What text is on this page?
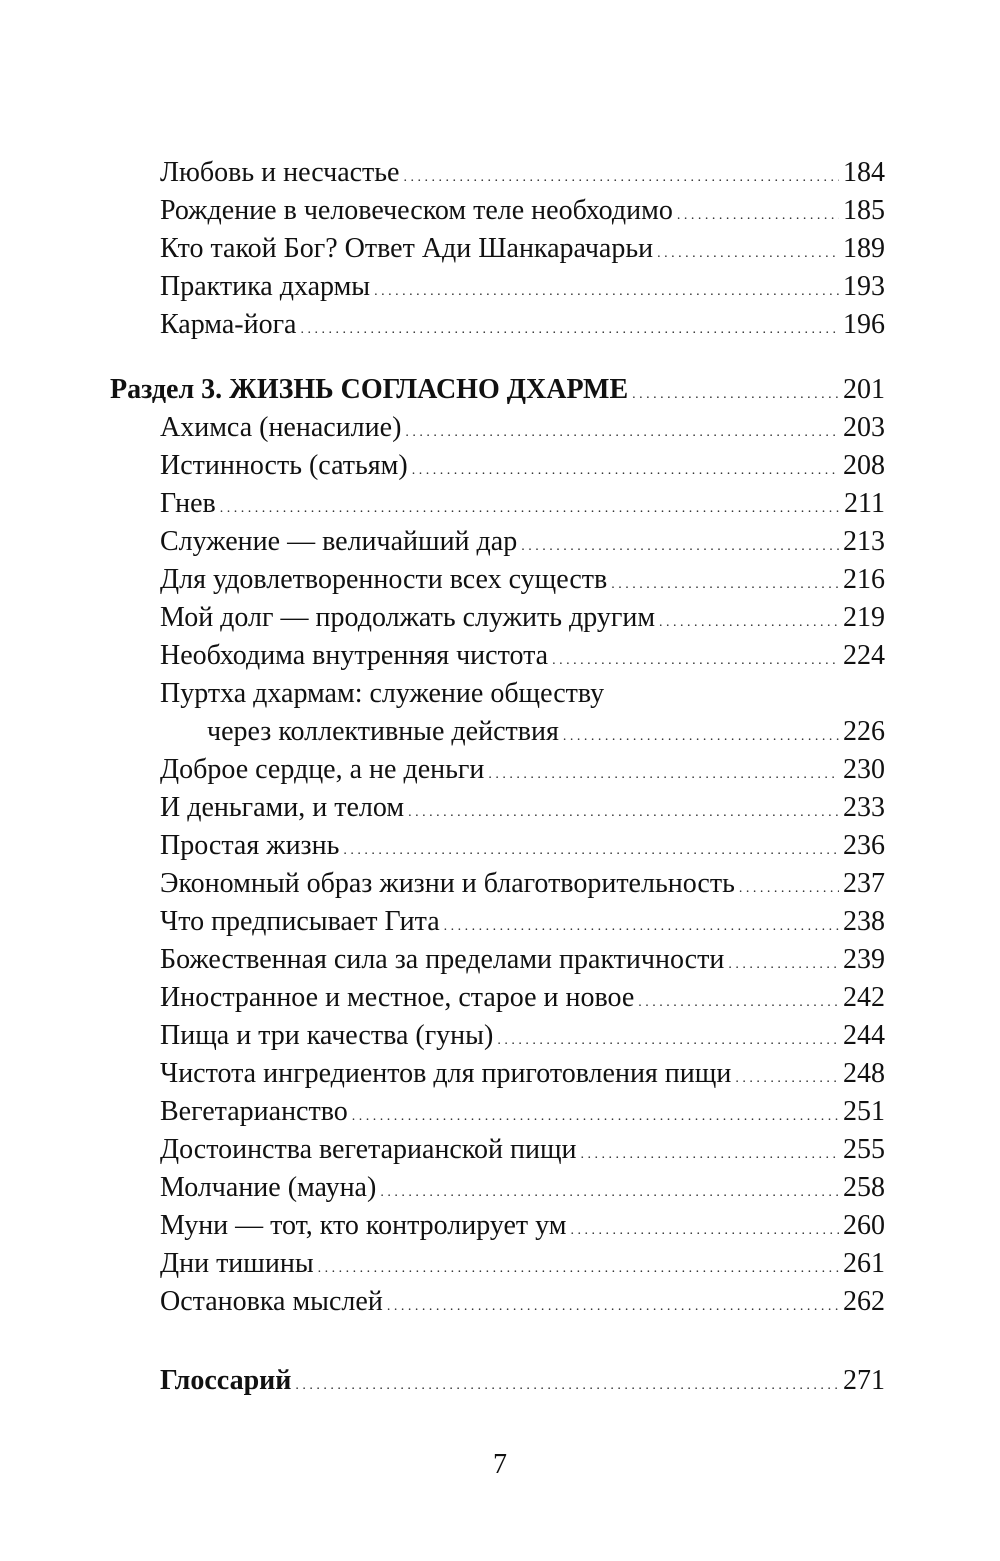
Любовь и несчастье . . .	184
Рождение в человеческом теле необходимо . . .	185
Кто такой Бог? Ответ Ади Шанкарачарьи . . .	189
Практика дхармы . . .	193
Карма-йога . . .	196
Раздел 3. ЖИЗНЬ СОГЛАСНО ДХАРМЕ . . .	201
Ахимса (ненасилие) . . .	203
Истинность (сатьям) . . .	208
Гнев . . .	211
Служение — величайший дар . . .	213
Для удовлетворенности всех существ . . .	216
Мой долг — продолжать служить другим . . .	219
Необходима внутренняя чистота . . .	224
Пуртха дхармам: служение обществу
через коллективные действия . . .	226
Доброе сердце, а не деньги . . .	230
И деньгами, и телом . . .	233
Простая жизнь . . .	236
Экономный образ жизни и благотворительность . . .	237
Что предписывает Гита . . .	238
Божественная сила за пределами практичности . . .	239
Иностранное и местное, старое и новое . . .	242
Пища и три качества (гуны) . . .	244
Чистота ингредиентов для приготовления пищи . . .	248
Вегетарианство . . .	251
Достоинства вегетарианской пищи . . .	255
Молчание (мауна) . . .	258
Муни — тот, кто контролирует ум . . .	260
Дни тишины . . .	261
Остановка мыслей . . .	262
Глоссарий . . .	271
7
